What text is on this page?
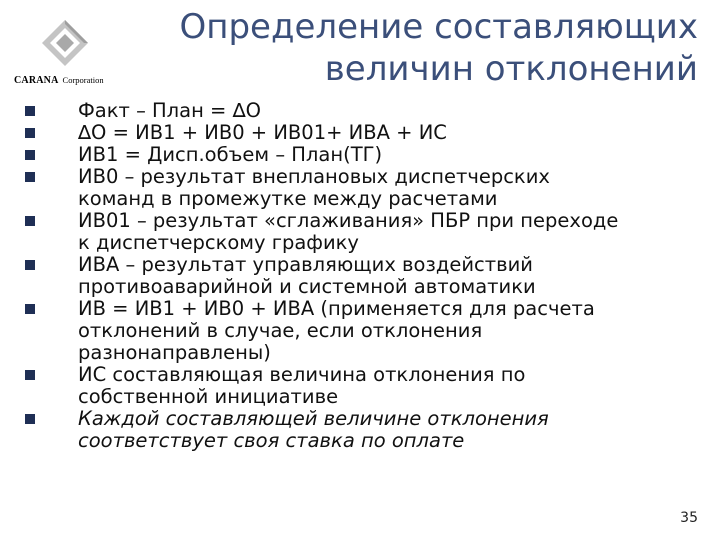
CARANA Corporation
Определение составляющих
величин отклонений
Факт – План = ∆О
∆О = ИВ1 + ИВ0 + ИВ01+ ИВА + ИС
ИВ1 = Дисп.объем – План(ТГ)
ИВ0 – результат внеплановых диспетчерских
команд в промежутке между расчетами
ИВ01 – результат «сглаживания» ПБР при переходе
к диспетчерскому графику
ИВА – результат управляющих воздействий
противоаварийной и системной автоматики
ИВ = ИВ1 + ИВ0 + ИВА (применяется для расчета
отклонений в случае, если отклонения
разнонаправлены)
ИС составляющая величина отклонения по
собственной инициативе
Каждой составляющей величине отклонения
соответствует своя ставка по оплате
35
